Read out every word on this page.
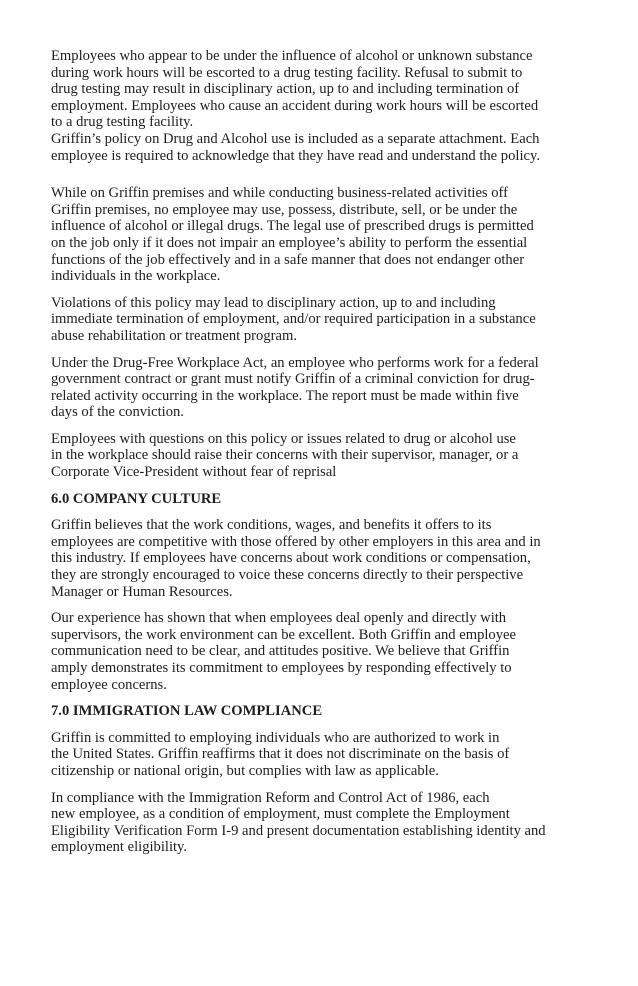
Employees who appear to be under the influence of alcohol or unknown substance
during work hours will be escorted to a drug testing facility. Refusal to submit to
drug testing may result in disciplinary action, up to and including termination of
employment. Employees who cause an accident during work hours will be escorted
to a drug testing facility.
Griffin’s policy on Drug and Alcohol use is included as a separate attachment. Each
employee is required to acknowledge that they have read and understand the policy.
While on Griffin premises and while conducting business-related activities off
Griffin premises, no employee may use, possess, distribute, sell, or be under the
influence of alcohol or illegal drugs. The legal use of prescribed drugs is permitted
on the job only if it does not impair an employee’s ability to perform the essential
functions of the job effectively and in a safe manner that does not endanger other
individuals in the workplace.
Violations of this policy may lead to disciplinary action, up to and including
immediate termination of employment, and/or required participation in a substance
abuse rehabilitation or treatment program.
Under the Drug-Free Workplace Act, an employee who performs work for a federal
government contract or grant must notify Griffin of a criminal conviction for drug-
related activity occurring in the workplace. The report must be made within five
days of the conviction.
Employees with questions on this policy or issues related to drug or alcohol use
in the workplace should raise their concerns with their supervisor, manager, or a
Corporate Vice-President without fear of reprisal
6.0 COMPANY CULTURE
Griffin believes that the work conditions, wages, and benefits it offers to its
employees are competitive with those offered by other employers in this area and in
this industry. If employees have concerns about work conditions or compensation,
they are strongly encouraged to voice these concerns directly to their perspective
Manager or Human Resources.
Our experience has shown that when employees deal openly and directly with
supervisors, the work environment can be excellent. Both Griffin and employee
communication need to be clear, and attitudes positive. We believe that Griffin
amply demonstrates its commitment to employees by responding effectively to
employee concerns.
7.0 IMMIGRATION LAW COMPLIANCE
Griffin is committed to employing individuals who are authorized to work in
the United States. Griffin reaffirms that it does not discriminate on the basis of
citizenship or national origin, but complies with law as applicable.
In compliance with the Immigration Reform and Control Act of 1986, each
new employee, as a condition of employment, must complete the Employment
Eligibility Verification Form I-9 and present documentation establishing identity and
employment eligibility.
